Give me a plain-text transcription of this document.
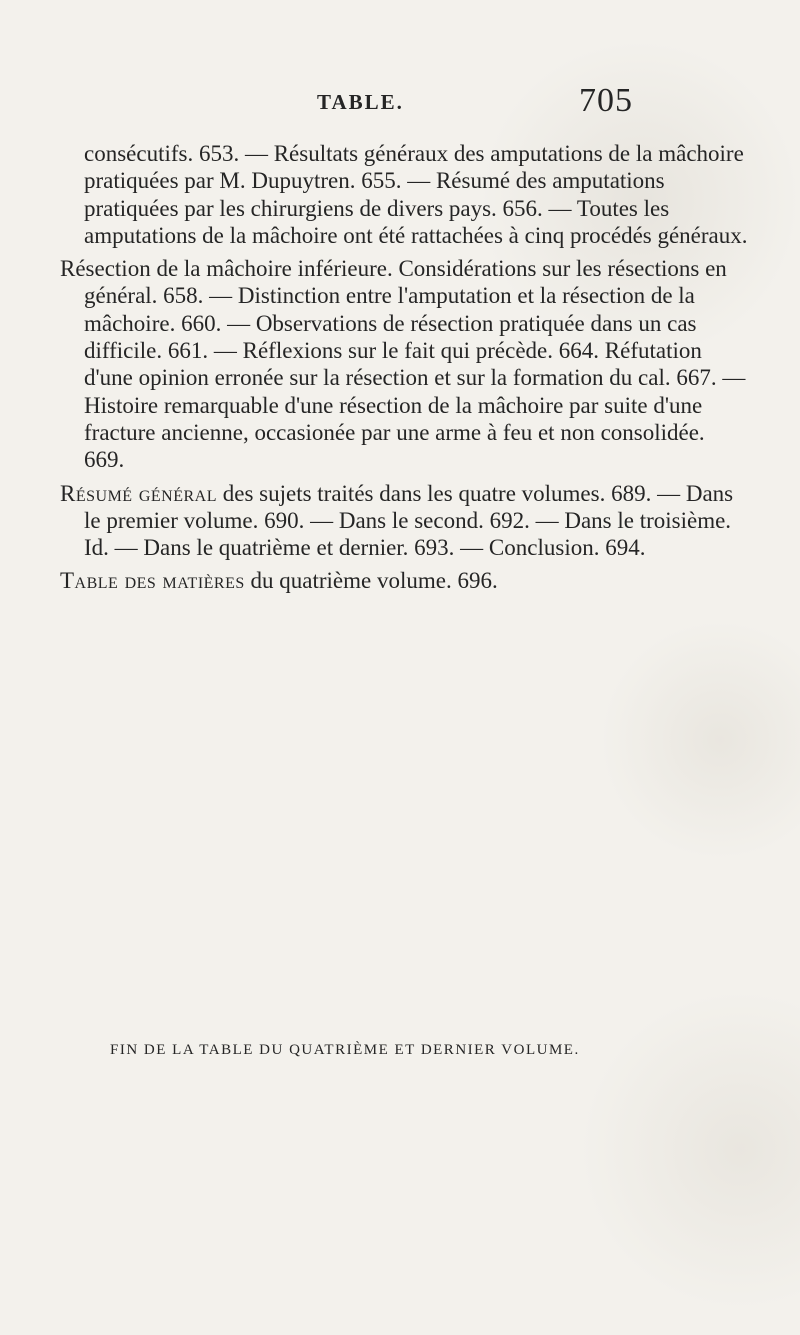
TABLE.	705

consécutifs. 653. — Résultats généraux des amputations de la mâchoire pratiquées par M. Dupuytren. 655. — Résumé des amputations pratiquées par les chirurgiens de divers pays. 656. — Toutes les amputations de la mâchoire ont été rattachées à cinq procédés généraux.

Résection de la mâchoire inférieure. Considérations sur les résections en général. 658. — Distinction entre l'amputation et la résection de la mâchoire. 660. — Observations de résection pratiquée dans un cas difficile. 661. — Réflexions sur le fait qui précède. 664. Réfutation d'une opinion erronée sur la résection et sur la formation du cal. 667. — Histoire remarquable d'une résection de la mâchoire par suite d'une fracture ancienne, occasionée par une arme à feu et non consolidée. 669.

Résumé général des sujets traités dans les quatre volumes. 689. — Dans le premier volume. 690. — Dans le second. 692. — Dans le troisième. Id. — Dans le quatrième et dernier. 693. — Conclusion. 694.

Table des matières du quatrième volume. 696.

FIN DE LA TABLE DU QUATRIÈME ET DERNIER VOLUME.
